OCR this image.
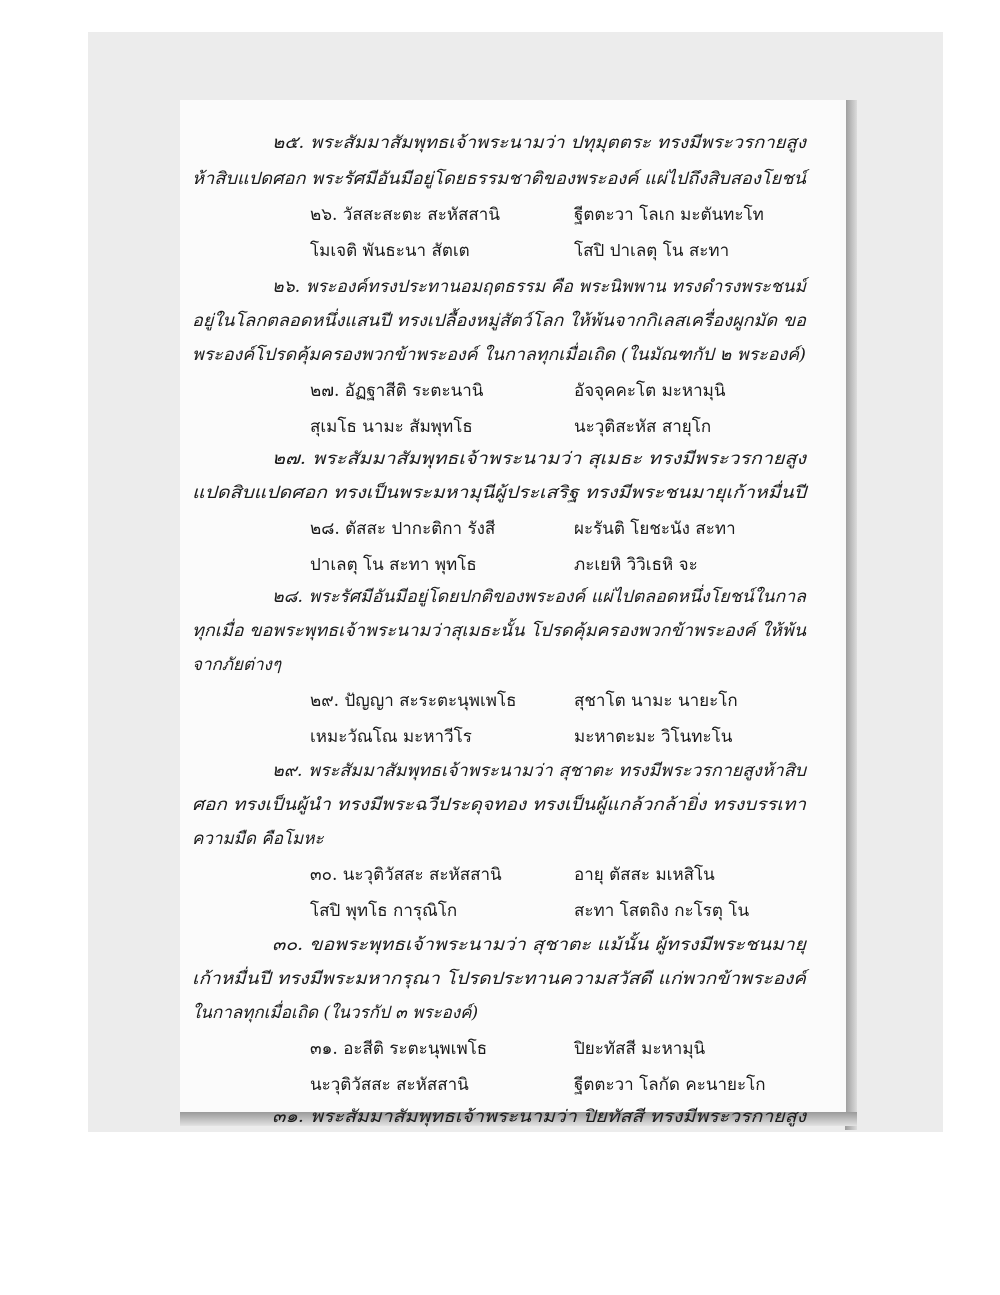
๒๕. พระสัมมาสัมพุทธเจ้าพระนามว่า ปทุมุตตระ ทรงมีพระวรกายสูง
ห้าสิบแปดศอก พระรัศมีอันมีอยู่โดยธรรมชาติของพระองค์ แผ่ไปถึงสิบสองโยชน์
๒๖. วัสสะสะตะ สะหัสสานิ	ฐีตตะวา โลเก มะตันทะโท
โมเจติ พันธะนา สัตเต	โสปิ ปาเลตุ โน สะทา
๒๖. พระองค์ทรงประทานอมฤตธรรม คือ พระนิพพาน ทรงดำรงพระชนม์
อยู่ในโลกตลอดหนึ่งแสนปี ทรงเปลื้องหมู่สัตว์โลก ให้พ้นจากกิเลสเครื่องผูกมัด ขอ
พระองค์โปรดคุ้มครองพวกข้าพระองค์ ในกาลทุกเมื่อเถิด (ในมัณฑกัป ๒ พระองค์)
๒๗. อัฏฐาสีติ ระตะนานิ	อัจจุคคะโต มะหามุนิ
สุเมโธ นามะ สัมพุทโธ	นะวุติสะหัส สายุโก
๒๗. พระสัมมาสัมพุทธเจ้าพระนามว่า สุเมธะ ทรงมีพระวรกายสูง
แปดสิบแปดศอก ทรงเป็นพระมหามุนีผู้ประเสริฐ ทรงมีพระชนมายุเก้าหมื่นปี
๒๘. ตัสสะ ปากะติกา รังสี	ผะรันติ โยชะนัง สะทา
ปาเลตุ โน สะทา พุทโธ	ภะเยหิ วิวิเธหิ จะ
๒๘. พระรัศมีอันมีอยู่โดยปกติของพระองค์ แผ่ไปตลอดหนึ่งโยชน์ในกาล
ทุกเมื่อ ขอพระพุทธเจ้าพระนามว่าสุเมธะนั้น โปรดคุ้มครองพวกข้าพระองค์ ให้พ้น
จากภัยต่างๆ
๒๙. ปัญญา สะระตะนุพเพโธ	สุชาโต นามะ นายะโก
เหมะวัณโณ มะหาวีโร	มะหาตะมะ วิโนทะโน
๒๙. พระสัมมาสัมพุทธเจ้าพระนามว่า สุชาตะ ทรงมีพระวรกายสูงห้าสิบ
ศอก ทรงเป็นผู้นำ ทรงมีพระฉวีประดุจทอง ทรงเป็นผู้แกล้วกล้ายิ่ง ทรงบรรเทา
ความมืด คือโมหะ
๓๐. นะวุติวัสสะ สะหัสสานิ	อายุ ตัสสะ มเหสิโน
โสปิ พุทโธ การุณิโก	สะทา โสตถิง กะโรตุ โน
๓๐. ขอพระพุทธเจ้าพระนามว่า สุชาตะ แม้นั้น ผู้ทรงมีพระชนมายุ
เก้าหมื่นปี ทรงมีพระมหากรุณา โปรดประทานความสวัสดี แก่พวกข้าพระองค์
ในกาลทุกเมื่อเถิด (ในวรกัป ๓ พระองค์)
๓๑. อะสีติ ระตะนุพเพโธ	ปิยะทัสสี มะหามุนิ
นะวุติวัสสะ สะหัสสานิ	ฐีตตะวา โลกัด คะนายะโก
๓๑. พระสัมมาสัมพุทธเจ้าพระนามว่า ปิยทัสสี ทรงมีพระวรกายสูง
